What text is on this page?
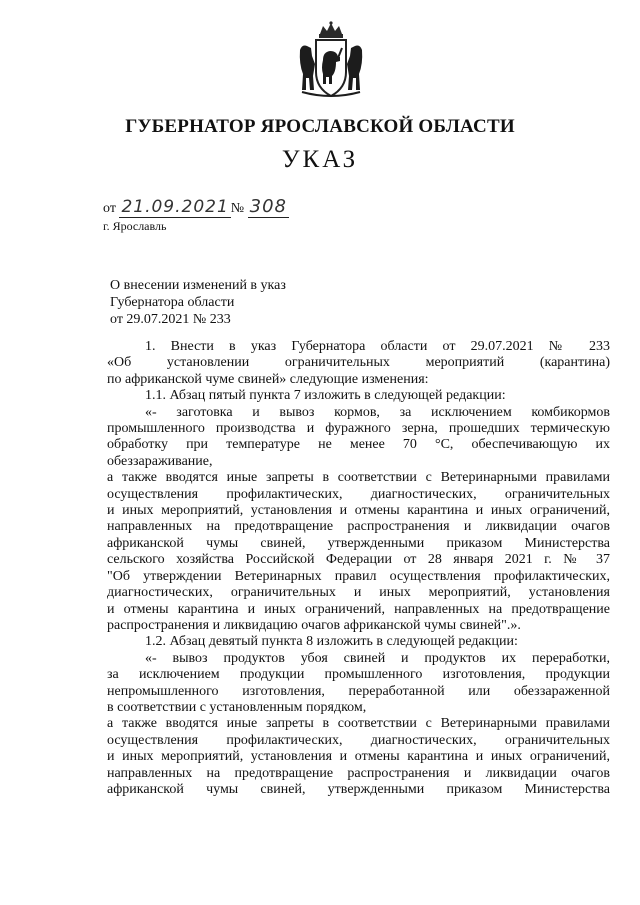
ГУБЕРНАТОР ЯРОСЛАВСКОЙ ОБЛАСТИ
УКАЗ
от 21.09.2021 № 308
г. Ярославль
О внесении изменений в указ
Губернатора области
от 29.07.2021 № 233
1. Внести в указ Губернатора области от 29.07.2021 № 233
«Об установлении ограничительных мероприятий (карантина)
по африканской чуме свиней» следующие изменения:
1.1. Абзац пятый пункта 7 изложить в следующей редакции:
«- заготовка и вывоз кормов, за исключением комбикормов
промышленного производства и фуражного зерна, прошедших термическую
обработку при температуре не менее 70 °С, обеспечивающую их
обеззараживание,
а также вводятся иные запреты в соответствии с Ветеринарными правилами
осуществления профилактических, диагностических, ограничительных
и иных мероприятий, установления и отмены карантина и иных ограничений,
направленных на предотвращение распространения и ликвидации очагов
африканской чумы свиней, утвержденными приказом Министерства
сельского хозяйства Российской Федерации от 28 января 2021 г. № 37
"Об утверждении Ветеринарных правил осуществления профилактических,
диагностических, ограничительных и иных мероприятий, установления
и отмены карантина и иных ограничений, направленных на предотвращение
распространения и ликвидацию очагов африканской чумы свиней".».
1.2. Абзац девятый пункта 8 изложить в следующей редакции:
«- вывоз продуктов убоя свиней и продуктов их переработки,
за исключением продукции промышленного изготовления, продукции
непромышленного изготовления, переработанной или обеззараженной
в соответствии с установленным порядком,
а также вводятся иные запреты в соответствии с Ветеринарными правилами
осуществления профилактических, диагностических, ограничительных
и иных мероприятий, установления и отмены карантина и иных ограничений,
направленных на предотвращение распространения и ликвидации очагов
африканской чумы свиней, утвержденными приказом Министерства
